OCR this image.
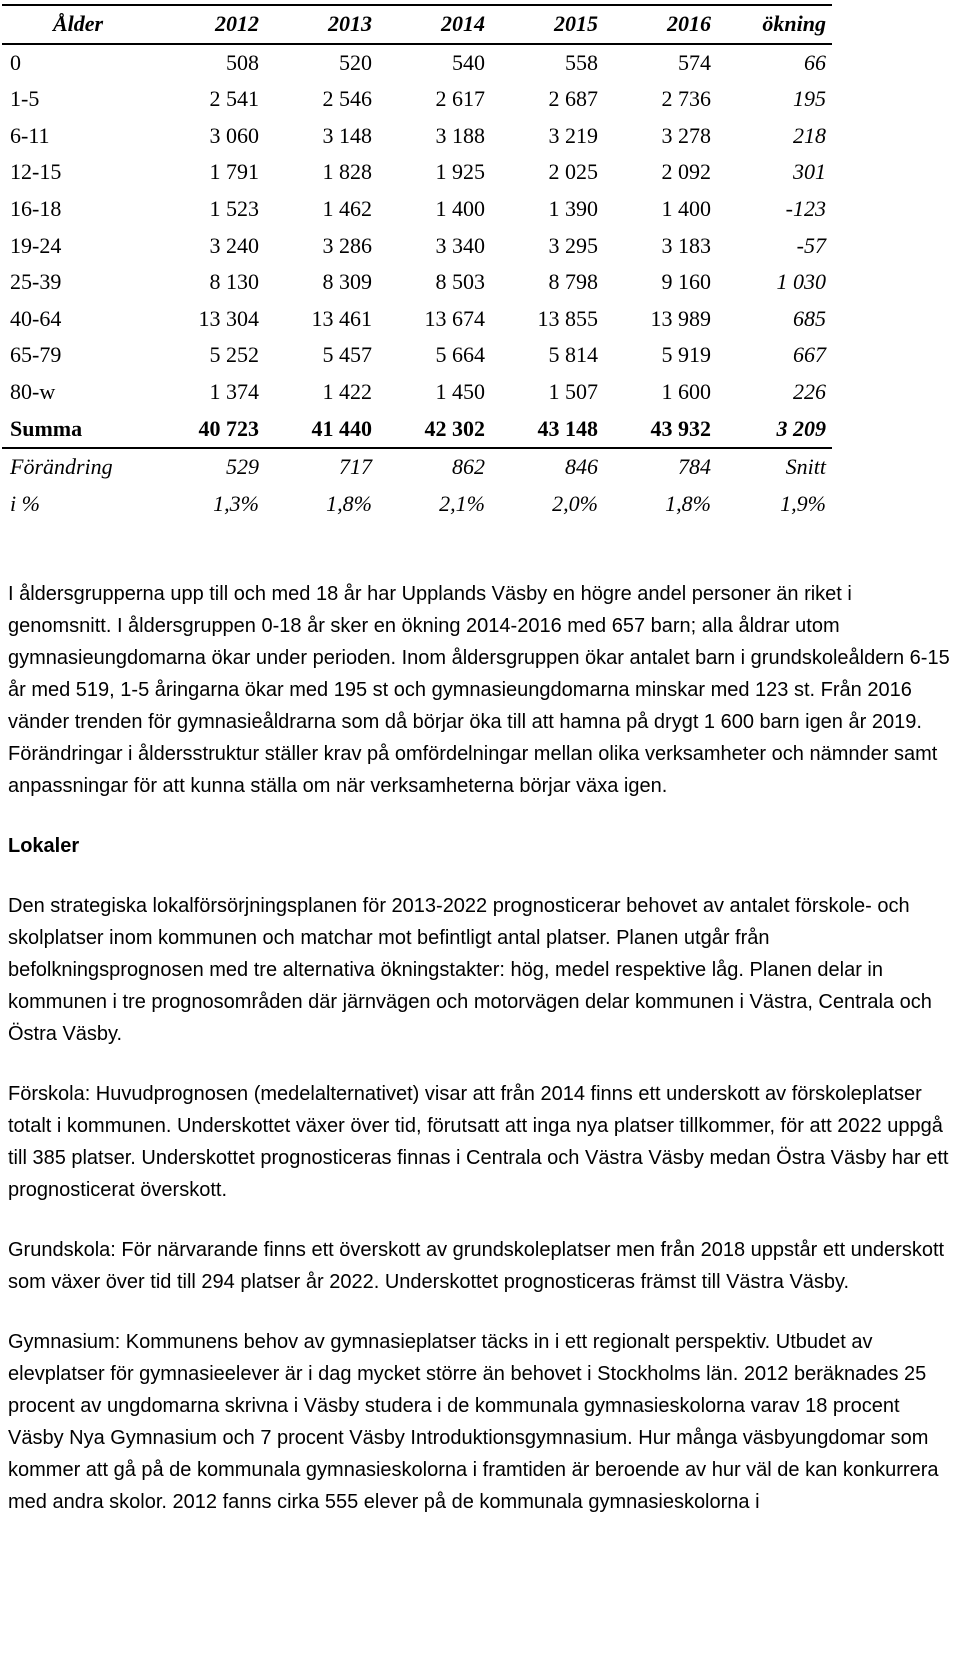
Ålder	2012	2013	2014	2015	2016	ökning
0	508	520	540	558	574	66
1-5	2 541	2 546	2 617	2 687	2 736	195
6-11	3 060	3 148	3 188	3 219	3 278	218
12-15	1 791	1 828	1 925	2 025	2 092	301
16-18	1 523	1 462	1 400	1 390	1 400	-123
19-24	3 240	3 286	3 340	3 295	3 183	-57
25-39	8 130	8 309	8 503	8 798	9 160	1 030
40-64	13 304	13 461	13 674	13 855	13 989	685
65-79	5 252	5 457	5 664	5 814	5 919	667
80-w	1 374	1 422	1 450	1 507	1 600	226
Summa	40 723	41 440	42 302	43 148	43 932	3 209
Förändring	529	717	862	846	784	Snitt
i %	1,3%	1,8%	2,1%	2,0%	1,8%	1,9%

I åldersgrupperna upp till och med 18 år har Upplands Väsby en högre andel personer än riket i genomsnitt. I åldersgruppen 0-18 år sker en ökning 2014-2016 med 657 barn; alla åldrar utom gymnasieungdomarna ökar under perioden. Inom åldersgruppen ökar antalet barn i grundskoleåldern 6-15 år med 519, 1-5 åringarna ökar med 195 st och gymnasieungdomarna minskar med 123 st. Från 2016 vänder trenden för gymnasieåldrarna som då börjar öka till att hamna på drygt 1 600 barn igen år 2019. Förändringar i åldersstruktur ställer krav på omfördelningar mellan olika verksamheter och nämnder samt anpassningar för att kunna ställa om när verksamheterna börjar växa igen.

Lokaler

Den strategiska lokalförsörjningsplanen för 2013-2022 prognosticerar behovet av antalet förskole- och skolplatser inom kommunen och matchar mot befintligt antal platser. Planen utgår från befolkningsprognosen med tre alternativa ökningstakter: hög, medel respektive låg. Planen delar in kommunen i tre prognosområden där järnvägen och motorvägen delar kommunen i Västra, Centrala och Östra Väsby.

Förskola: Huvudprognosen (medelalternativet) visar att från 2014 finns ett underskott av förskoleplatser totalt i kommunen. Underskottet växer över tid, förutsatt att inga nya platser tillkommer, för att 2022 uppgå till 385 platser. Underskottet prognosticeras finnas i Centrala och Västra Väsby medan Östra Väsby har ett prognosticerat överskott.

Grundskola: För närvarande finns ett överskott av grundskoleplatser men från 2018 uppstår ett underskott som växer över tid till 294 platser år 2022. Underskottet prognosticeras främst till Västra Väsby.

Gymnasium: Kommunens behov av gymnasieplatser täcks in i ett regionalt perspektiv. Utbudet av elevplatser för gymnasieelever är i dag mycket större än behovet i Stockholms län. 2012 beräknades 25 procent av ungdomarna skrivna i Väsby studera i de kommunala gymnasieskolorna varav 18 procent Väsby Nya Gymnasium och 7 procent Väsby Introduktionsgymnasium. Hur många väsbyungdomar som kommer att gå på de kommunala gymnasieskolorna i framtiden är beroende av hur väl de kan konkurrera med andra skolor. 2012 fanns cirka 555 elever på de kommunala gymnasieskolorna i
